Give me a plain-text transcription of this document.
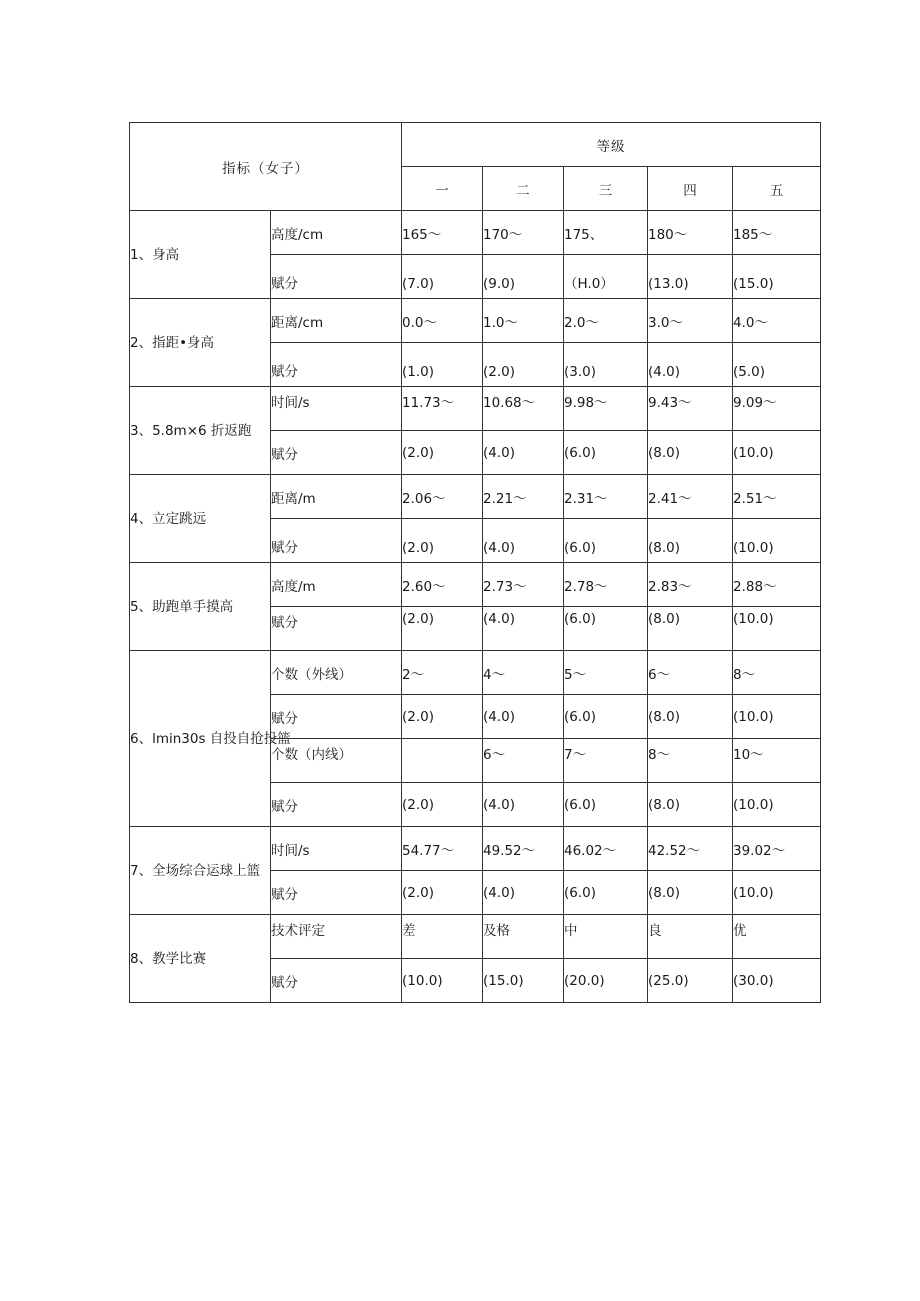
指标（女子）		等级				
		一	二	三	四	五
1、身高	高度/cm	165～	170～	175、	180～	185～
	赋分	(7.0)	(9.0)	（H.0）	(13.0)	(15.0)
2、指距•身高	距离/cm	0.0～	1.0～	2.0～	3.0～	4.0～
	赋分	(1.0)	(2.0)	(3.0)	(4.0)	(5.0)
3、5.8m×6 折返跑	时间/s	11.73～	10.68～	9.98～	9.43～	9.09～
	赋分	(2.0)	(4.0)	(6.0)	(8.0)	(10.0)
4、立定跳远	距离/m	2.06～	2.21～	2.31～	2.41～	2.51～
	赋分	(2.0)	(4.0)	(6.0)	(8.0)	(10.0)
5、助跑单手摸高	高度/m	2.60～	2.73～	2.78～	2.83～	2.88～
	赋分	(2.0)	(4.0)	(6.0)	(8.0)	(10.0)
6、lmin30s 自投自抢投篮	个数（外线）	2～	4～	5～	6～	8～
	赋分	(2.0)	(4.0)	(6.0)	(8.0)	(10.0)
	个数（内线）		6～	7～	8～	10～
	赋分	(2.0)	(4.0)	(6.0)	(8.0)	(10.0)
7、全场综合运球上篮	时间/s	54.77～	49.52～	46.02～	42.52～	39.02～
	赋分	(2.0)	(4.0)	(6.0)	(8.0)	(10.0)
8、教学比赛	技术评定	差	及格	中	良	优
	赋分	(10.0)	(15.0)	(20.0)	(25.0)	(30.0)
